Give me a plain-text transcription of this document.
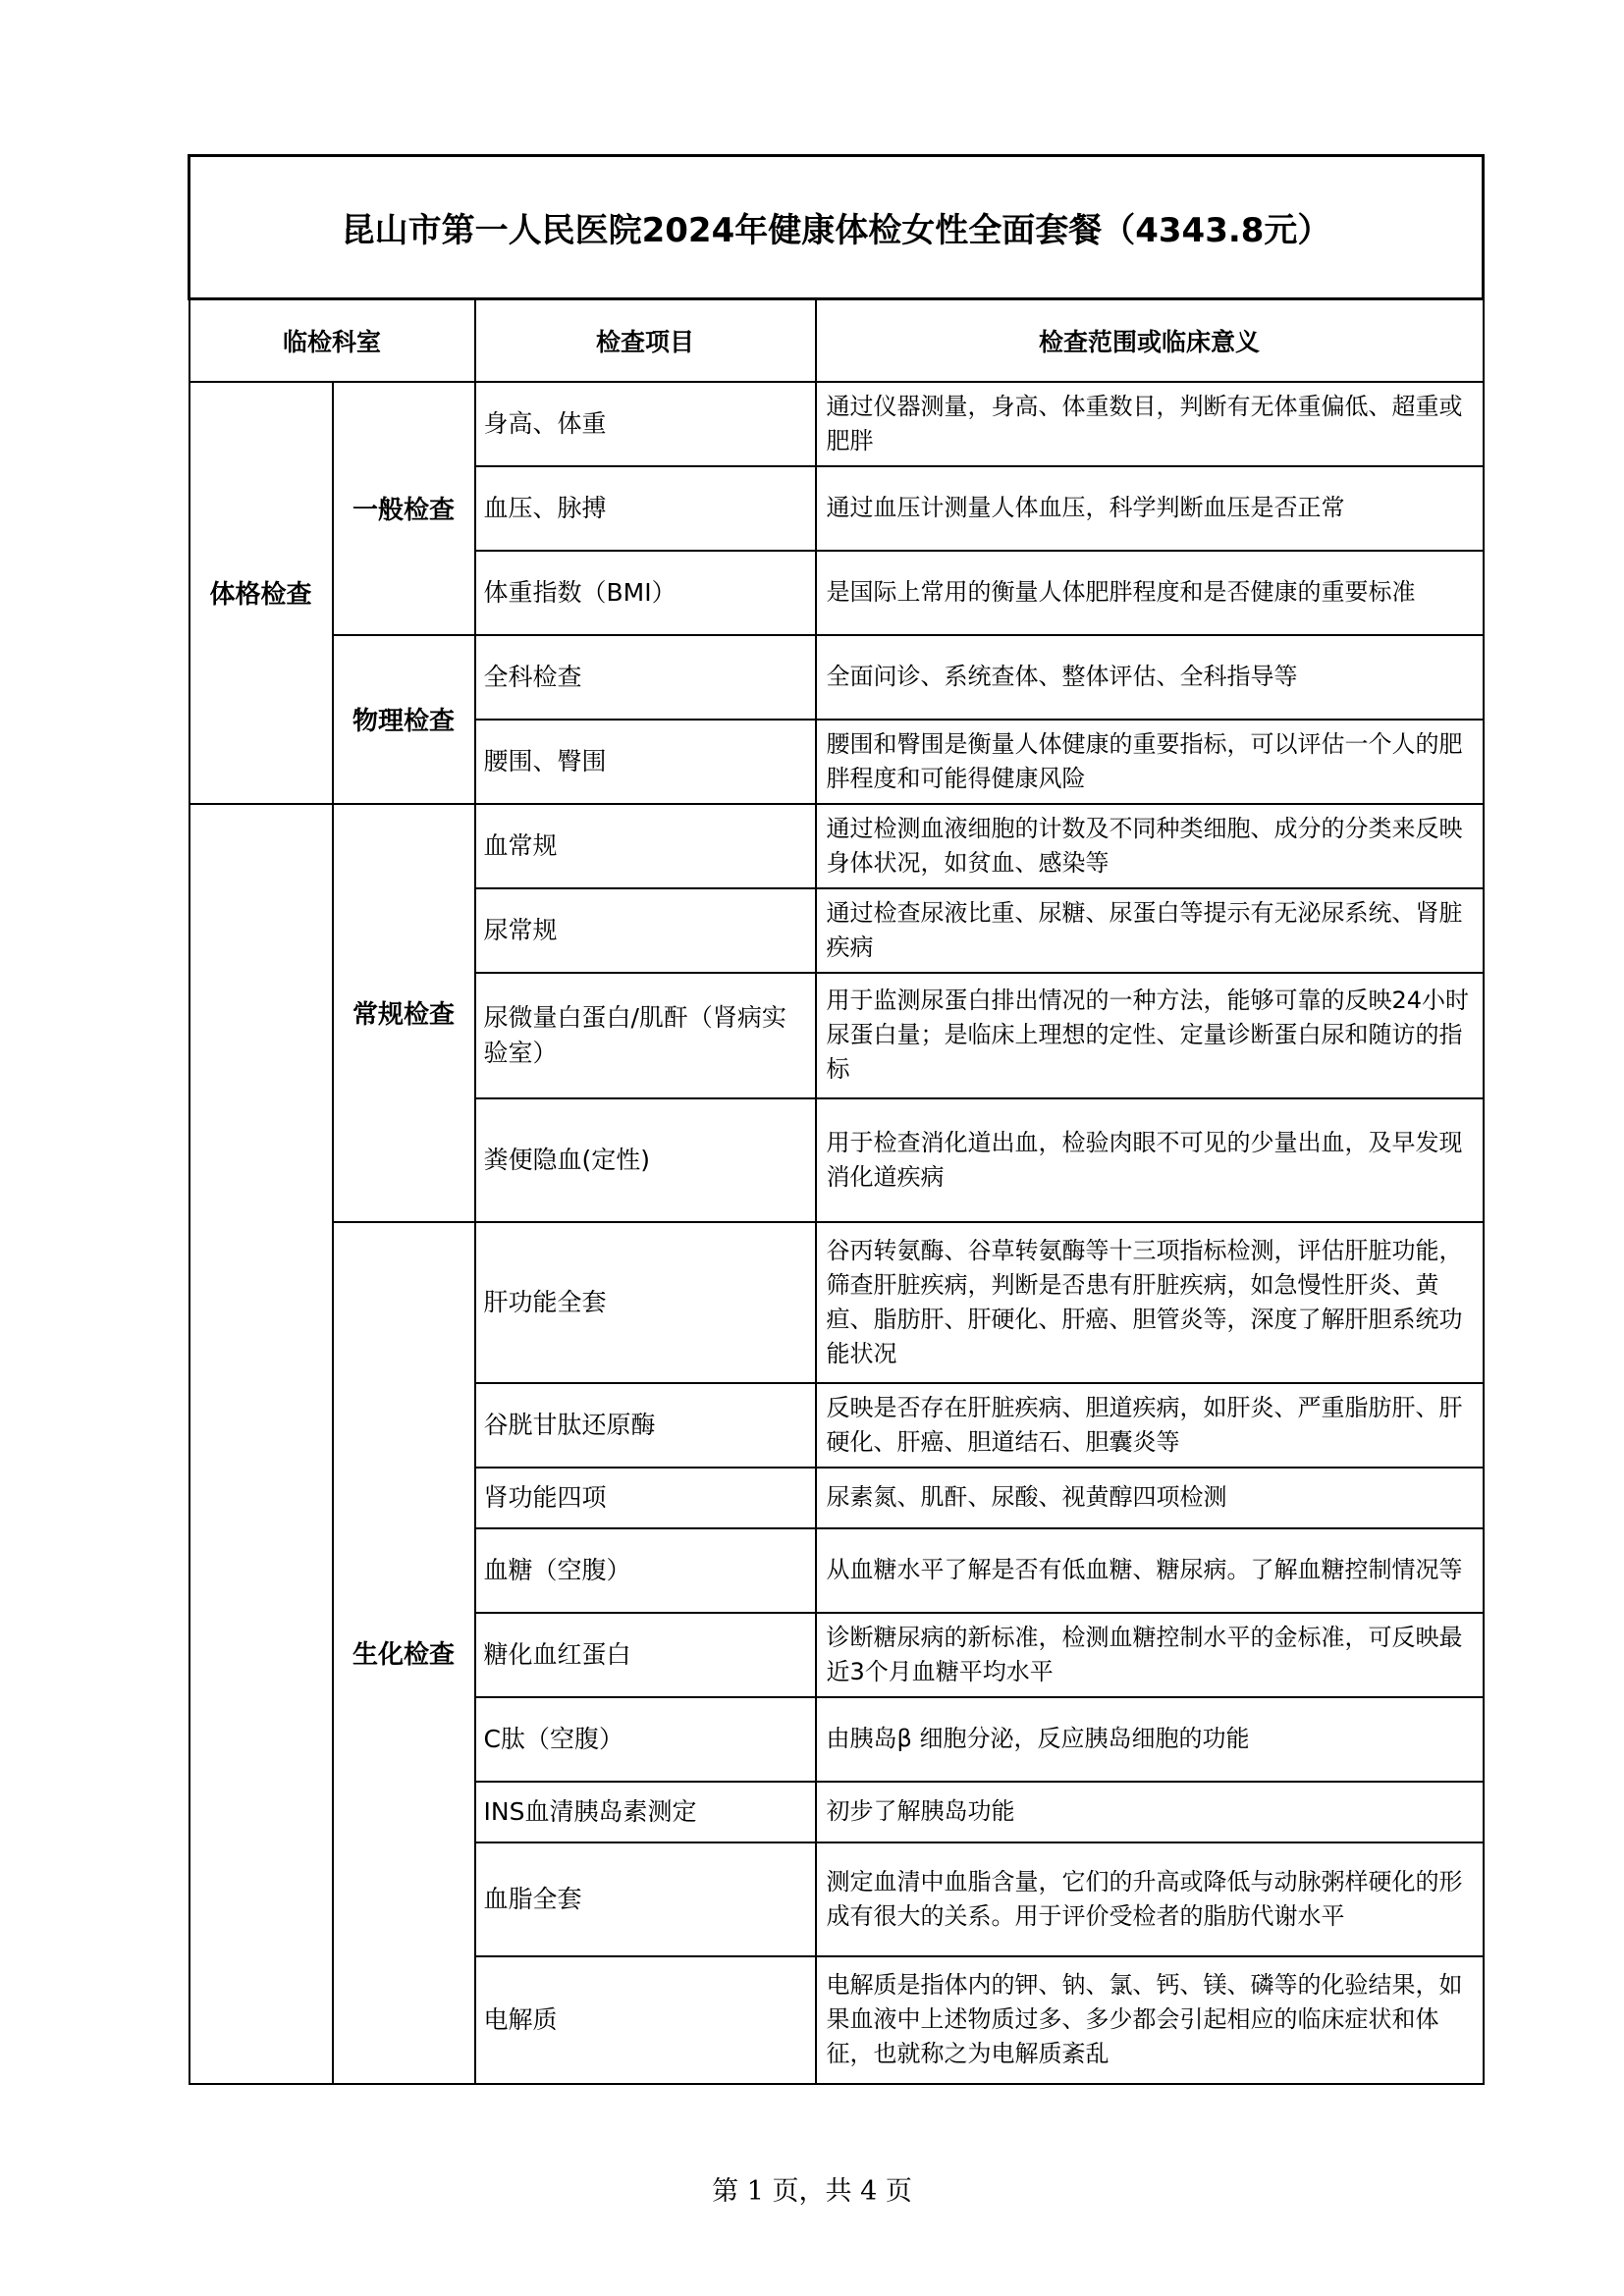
昆山市第一人民医院2024年健康体检女性全面套餐（4343.8元）			
临检科室		检查项目	检查范围或临床意义
体格检查	一般检查	身高、体重	通过仪器测量，身高、体重数目，判断有无体重偏低、超重或肥胖
		血压、脉搏	通过血压计测量人体血压，科学判断血压是否正常
		体重指数（BMI）	是国际上常用的衡量人体肥胖程度和是否健康的重要标准
	物理检查	全科检查	全面问诊、系统查体、整体评估、全科指导等
		腰围、臀围	腰围和臀围是衡量人体健康的重要指标，可以评估一个人的肥胖程度和可能得健康风险
	常规检查	血常规	通过检测血液细胞的计数及不同种类细胞、成分的分类来反映身体状况，如贫血、感染等
		尿常规	通过检查尿液比重、尿糖、尿蛋白等提示有无泌尿系统、肾脏疾病
		尿微量白蛋白/肌酐（肾病实验室）	用于监测尿蛋白排出情况的一种方法，能够可靠的反映24小时尿蛋白量；是临床上理想的定性、定量诊断蛋白尿和随访的指标
		粪便隐血(定性)	用于检查消化道出血，检验肉眼不可见的少量出血，及早发现消化道疾病
	生化检查	肝功能全套	谷丙转氨酶、谷草转氨酶等十三项指标检测，评估肝脏功能，筛查肝脏疾病，判断是否患有肝脏疾病，如急慢性肝炎、黄疸、脂肪肝、肝硬化、肝癌、胆管炎等，深度了解肝胆系统功能状况
		谷胱甘肽还原酶	反映是否存在肝脏疾病、胆道疾病，如肝炎、严重脂肪肝、肝硬化、肝癌、胆道结石、胆囊炎等
		肾功能四项	尿素氮、肌酐、尿酸、视黄醇四项检测
		血糖（空腹）	从血糖水平了解是否有低血糖、糖尿病。了解血糖控制情况等
		糖化血红蛋白	诊断糖尿病的新标准，检测血糖控制水平的金标准，可反映最近3个月血糖平均水平
		C肽（空腹）	由胰岛β 细胞分泌，反应胰岛细胞的功能
		INS血清胰岛素测定	初步了解胰岛功能
		血脂全套	测定血清中血脂含量，它们的升高或降低与动脉粥样硬化的形成有很大的关系。用于评价受检者的脂肪代谢水平
		电解质	电解质是指体内的钾、钠、氯、钙、镁、磷等的化验结果，如果血液中上述物质过多、多少都会引起相应的临床症状和体征，也就称之为电解质紊乱
第 1 页，共 4 页
